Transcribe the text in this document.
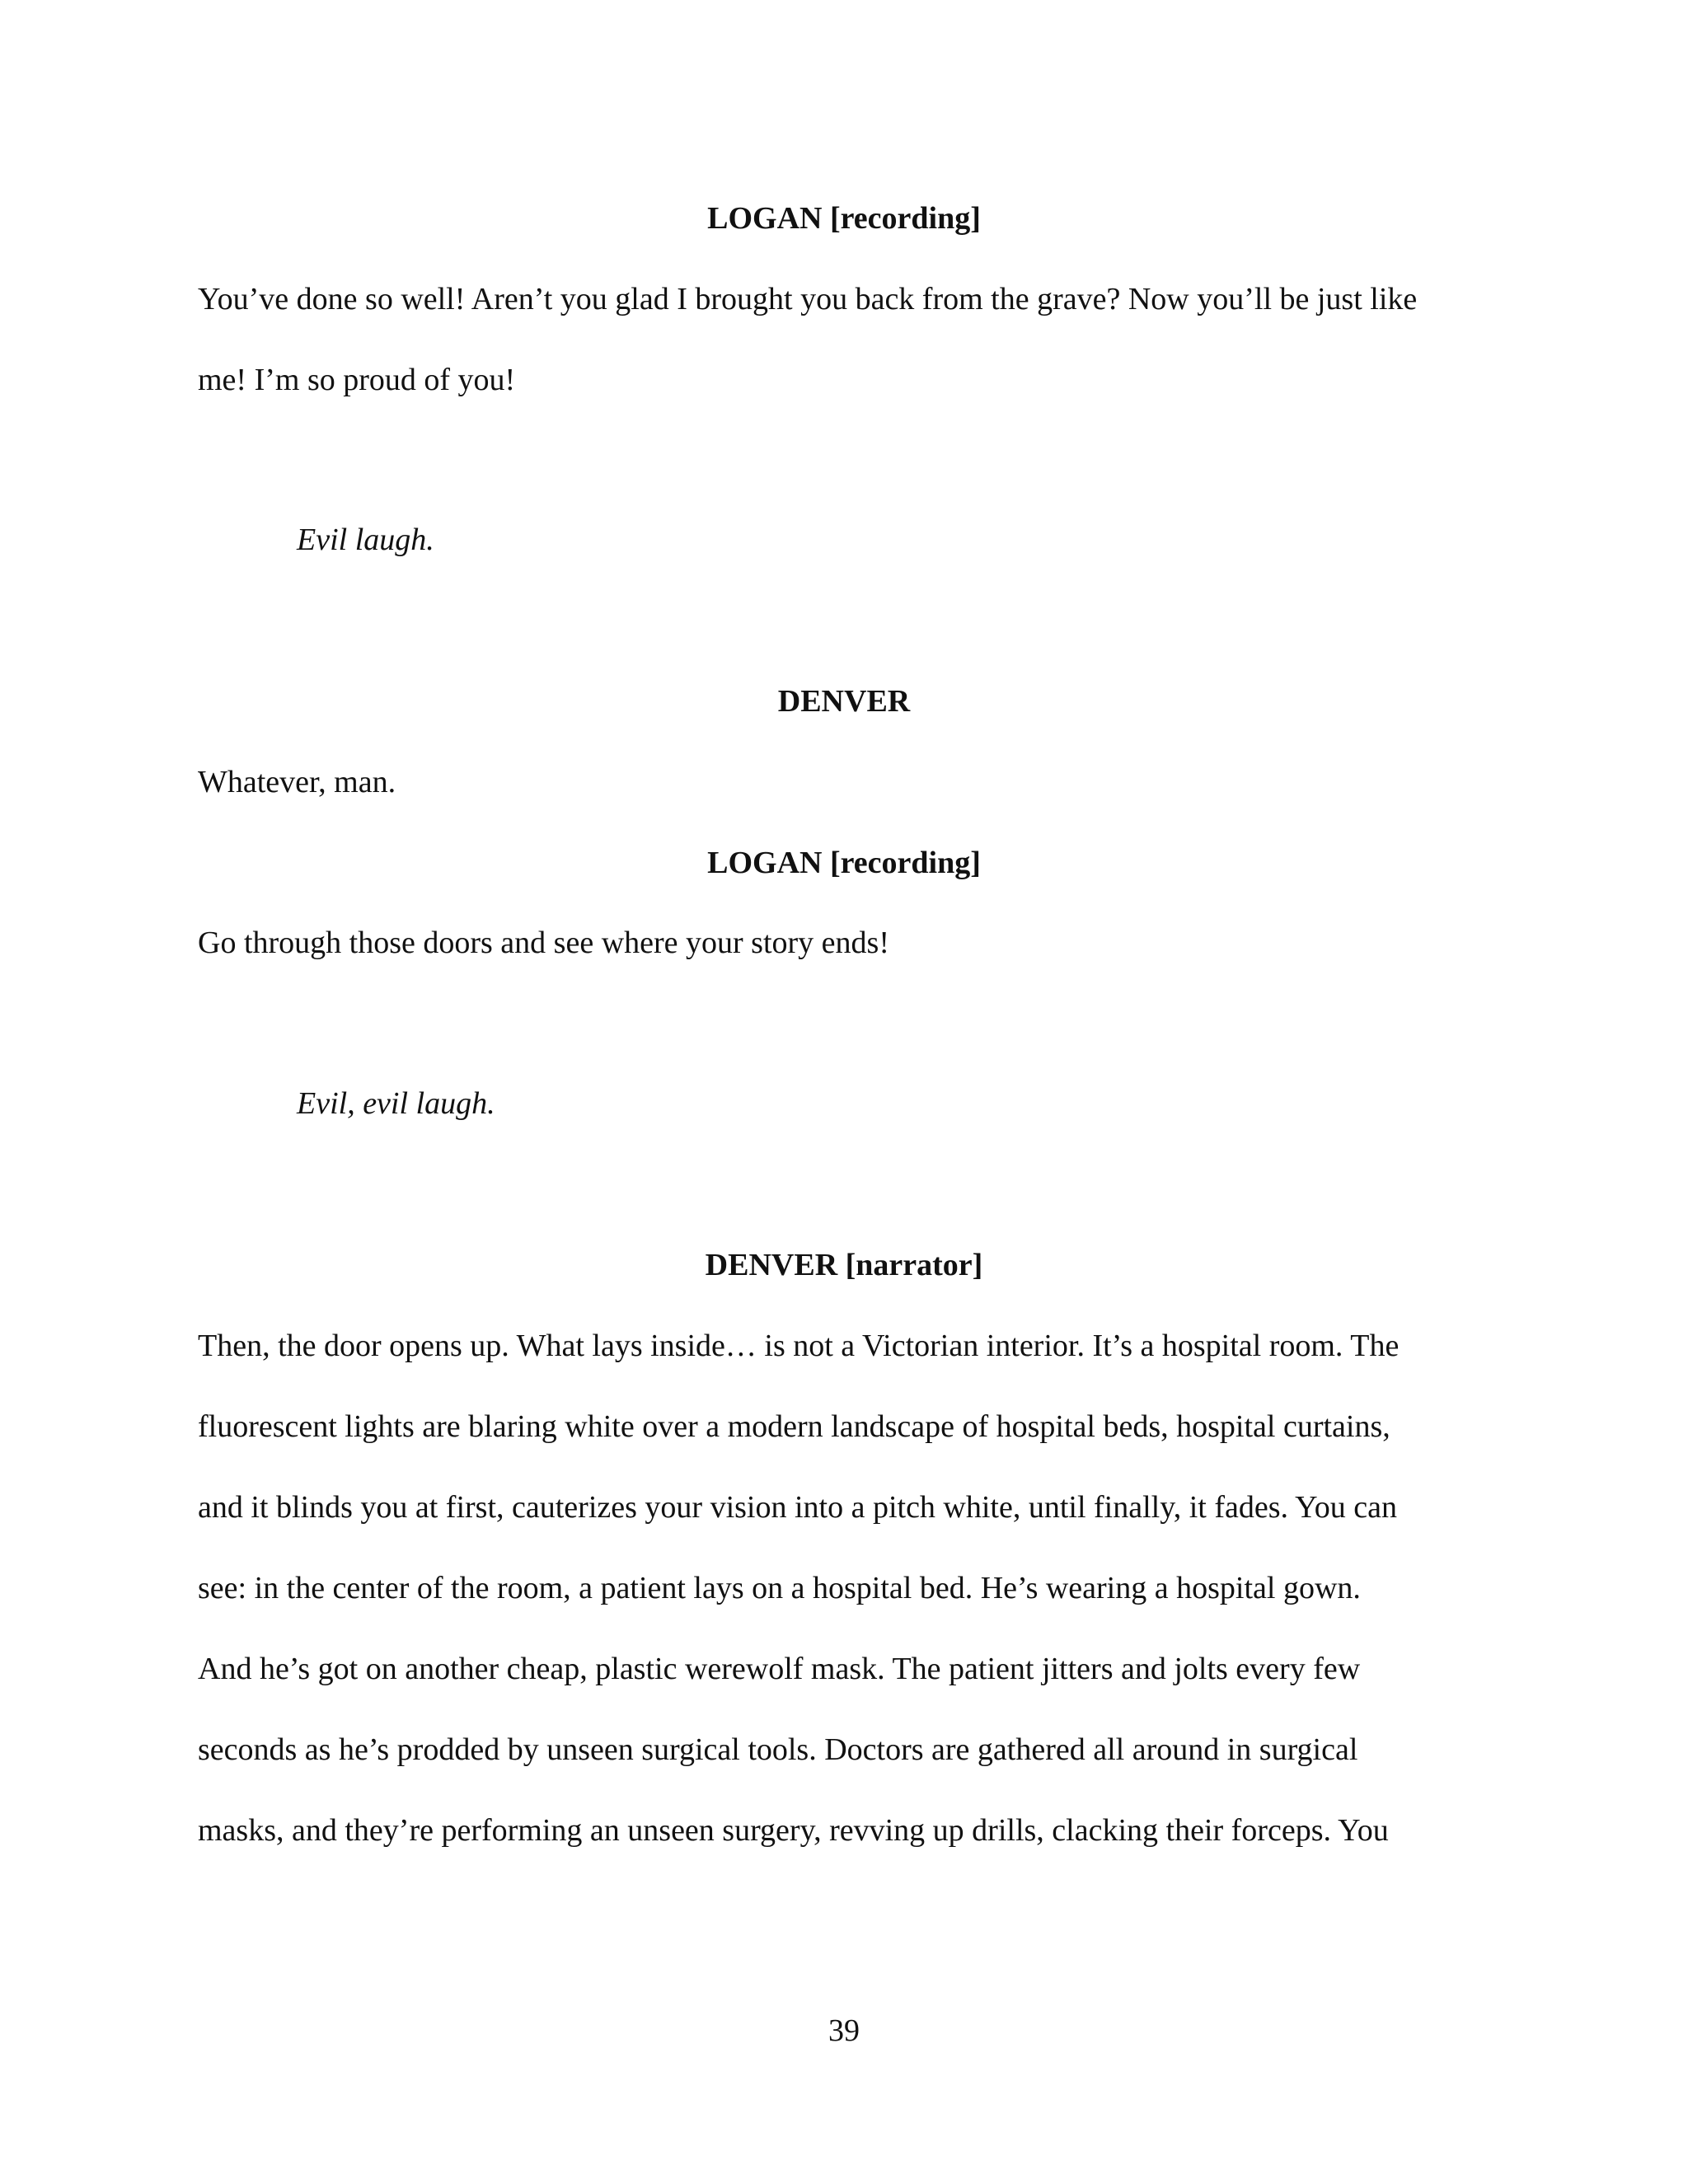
LOGAN [recording]

You’ve done so well! Aren’t you glad I brought you back from the grave? Now you’ll be just like

me! I’m so proud of you!

Evil laugh.

DENVER

Whatever, man.

LOGAN [recording]

Go through those doors and see where your story ends!

Evil, evil laugh.

DENVER [narrator]

Then, the door opens up. What lays inside… is not a Victorian interior. It’s a hospital room. The

fluorescent lights are blaring white over a modern landscape of hospital beds, hospital curtains,

and it blinds you at first, cauterizes your vision into a pitch white, until finally, it fades. You can

see: in the center of the room, a patient lays on a hospital bed. He’s wearing a hospital gown.

And he’s got on another cheap, plastic werewolf mask. The patient jitters and jolts every few

seconds as he’s prodded by unseen surgical tools. Doctors are gathered all around in surgical

masks, and they’re performing an unseen surgery, revving up drills, clacking their forceps. You

39
